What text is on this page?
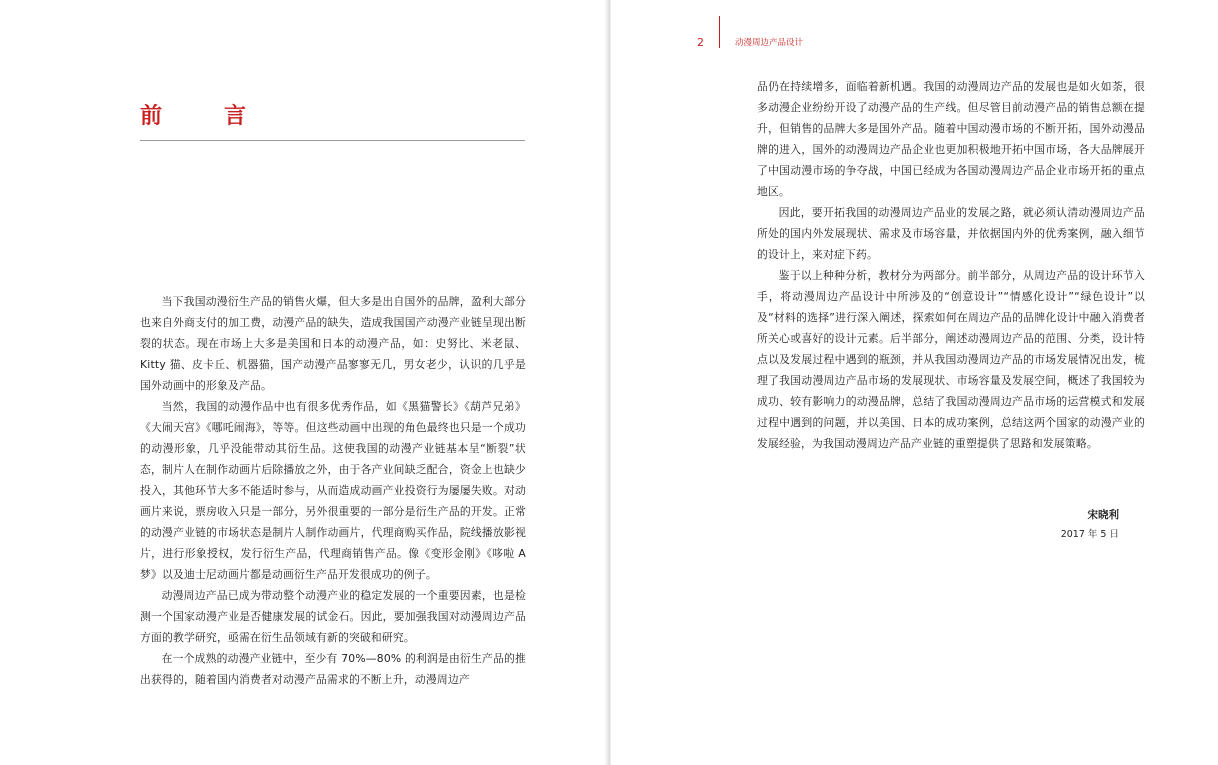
前　言

当下我国动漫衍生产品的销售火爆，但大多是出自国外的品牌，盈利大部分也来自外商支付的加工费，动漫产品的缺失，造成我国国产动漫产业链呈现出断裂的状态。现在市场上大多是美国和日本的动漫产品，如：史努比、米老鼠、Kitty 猫、皮卡丘、机器猫，国产动漫产品寥寥无几，男女老少，认识的几乎是国外动画中的形象及产品。

当然，我国的动漫作品中也有很多优秀作品，如《黑猫警长》《葫芦兄弟》《大闹天宫》《哪吒闹海》，等等。但这些动画中出现的角色最终也只是一个成功的动漫形象，几乎没能带动其衍生品。这使我国的动漫产业链基本呈“断裂”状态，制片人在制作动画片后除播放之外，由于各产业间缺乏配合，资金上也缺少投入，其他环节大多不能适时参与，从而造成动画产业投资行为屡屡失败。对动画片来说，票房收入只是一部分，另外很重要的一部分是衍生产品的开发。正常的动漫产业链的市场状态是制片人制作动画片，代理商购买作品，院线播放影视片，进行形象授权，发行衍生产品，代理商销售产品。像《变形金刚》《哆啦 A 梦》以及迪士尼动画片都是动画衍生产品开发很成功的例子。

动漫周边产品已成为带动整个动漫产业的稳定发展的一个重要因素，也是检测一个国家动漫产业是否健康发展的试金石。因此，要加强我国对动漫周边产品方面的教学研究，亟需在衍生品领域有新的突破和研究。

在一个成熟的动漫产业链中，至少有 70%—80% 的利润是由衍生产品的推出获得的，随着国内消费者对动漫产品需求的不断上升，动漫周边产

2	动漫周边产品设计

品仍在持续增多，面临着新机遇。我国的动漫周边产品的发展也是如火如荼，很多动漫企业纷纷开设了动漫产品的生产线。但尽管目前动漫产品的销售总额在提升，但销售的品牌大多是国外产品。随着中国动漫市场的不断开拓，国外动漫品牌的进入，国外的动漫周边产品企业也更加积极地开拓中国市场，各大品牌展开了中国动漫市场的争夺战，中国已经成为各国动漫周边产品企业市场开拓的重点地区。

因此，要开拓我国的动漫周边产品业的发展之路，就必须认清动漫周边产品所处的国内外发展现状、需求及市场容量，并依据国内外的优秀案例，融入细节的设计上，来对症下药。

鉴于以上种种分析，教材分为两部分。前半部分，从周边产品的设计环节入手，将动漫周边产品设计中所涉及的“创意设计”“情感化设计”“绿色设计”以及“材料的选择”进行深入阐述，探索如何在周边产品的品牌化设计中融入消费者所关心或喜好的设计元素。后半部分，阐述动漫周边产品的范围、分类，设计特点以及发展过程中遇到的瓶颈，并从我国动漫周边产品的市场发展情况出发，梳理了我国动漫周边产品市场的发展现状、市场容量及发展空间，概述了我国较为成功、较有影响力的动漫品牌，总结了我国动漫周边产品市场的运营模式和发展过程中遇到的问题，并以美国、日本的成功案例，总结这两个国家的动漫产业的发展经验，为我国动漫周边产品产业链的重塑提供了思路和发展策略。

宋晓利
2017 年 5 日
